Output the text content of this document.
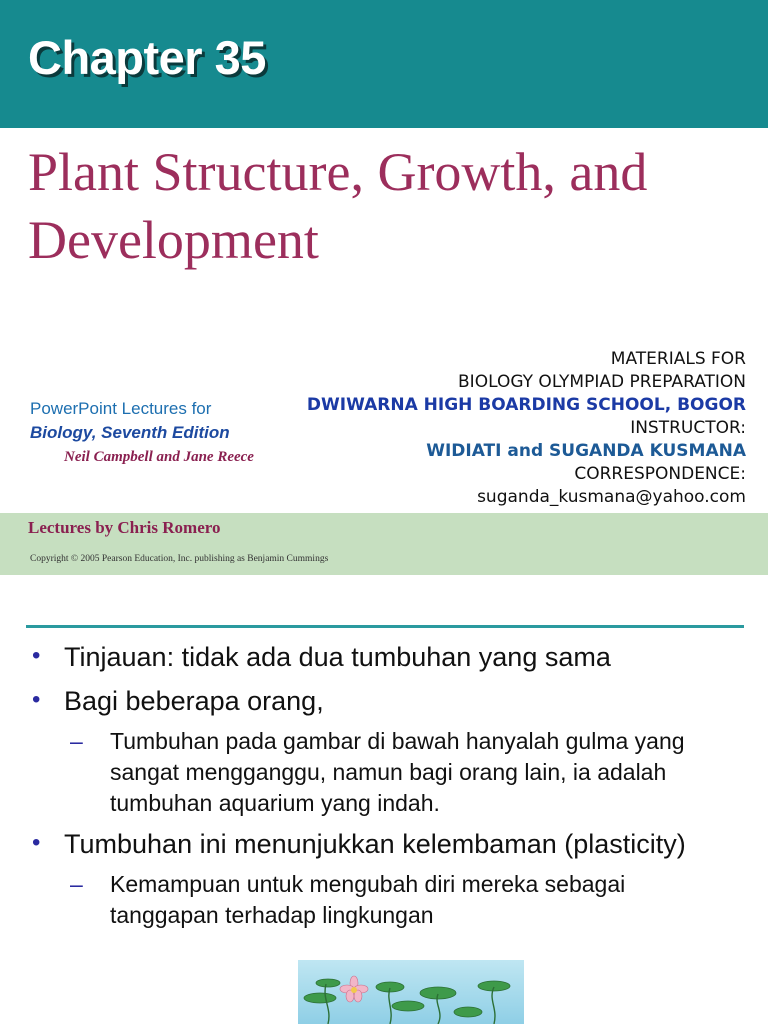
Chapter 35
Plant Structure, Growth, and Development
MATERIALS FOR
BIOLOGY OLYMPIAD PREPARATION
DWIWARNA HIGH BOARDING SCHOOL, BOGOR
INSTRUCTOR:
WIDIATI and SUGANDA KUSMANA
CORRESPONDENCE:
suganda_kusmana@yahoo.com
PowerPoint Lectures for
Biology, Seventh Edition
Neil Campbell and Jane Reece
Lectures by Chris Romero
Copyright © 2005 Pearson Education, Inc. publishing as Benjamin Cummings
• Tinjauan: tidak ada dua tumbuhan yang sama
• Bagi beberapa orang,
– Tumbuhan pada gambar di bawah hanyalah gulma yang sangat mengganggu, namun bagi orang lain, ia adalah tumbuhan aquarium yang indah.
• Tumbuhan ini menunjukkan kelembaman (plasticity)
– Kemampuan untuk mengubah diri mereka sebagai tanggapan terhadap lingkungan
